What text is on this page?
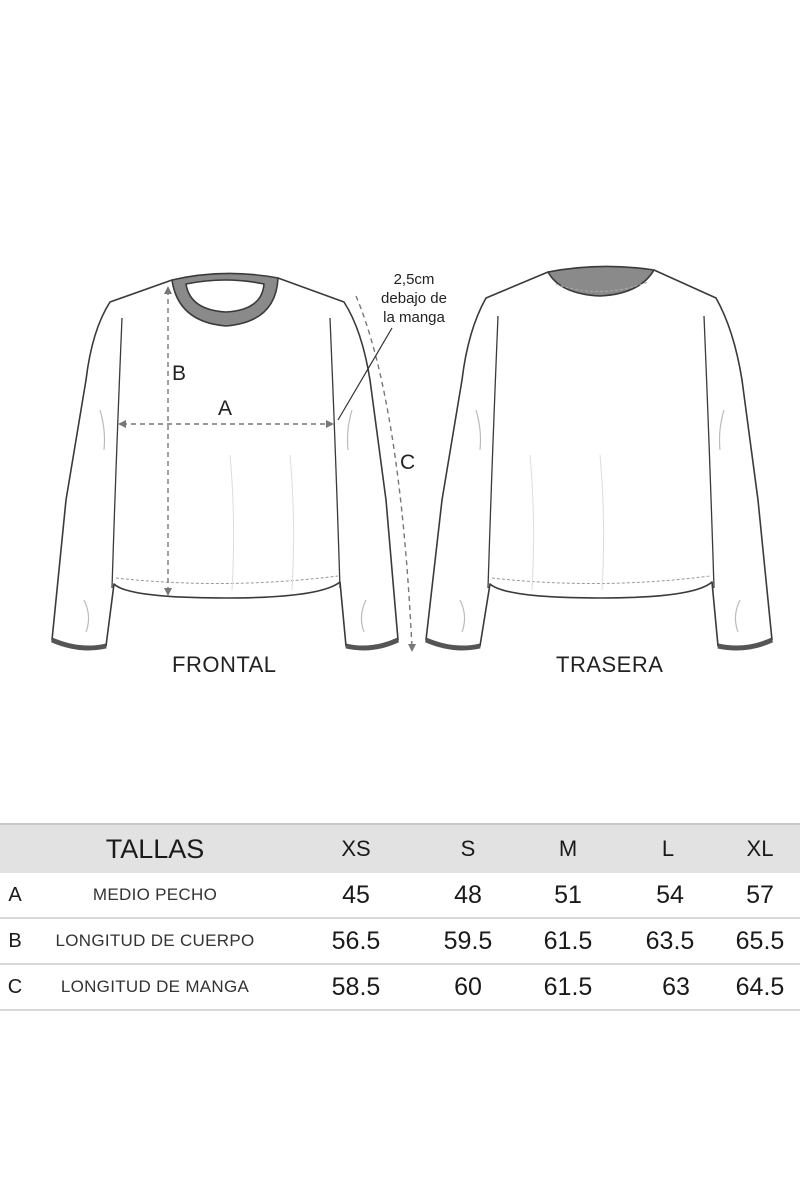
B
A
C
2,5cm
debajo de
la manga
FRONTAL	TRASERA
TALLAS	XS	S	M	L	XL
A	MEDIO PECHO	45	48	51	54	57
B	LONGITUD DE CUERPO	56.5	59.5	61.5	63.5	65.5
C	LONGITUD DE MANGA	58.5	60	61.5	63	64.5
